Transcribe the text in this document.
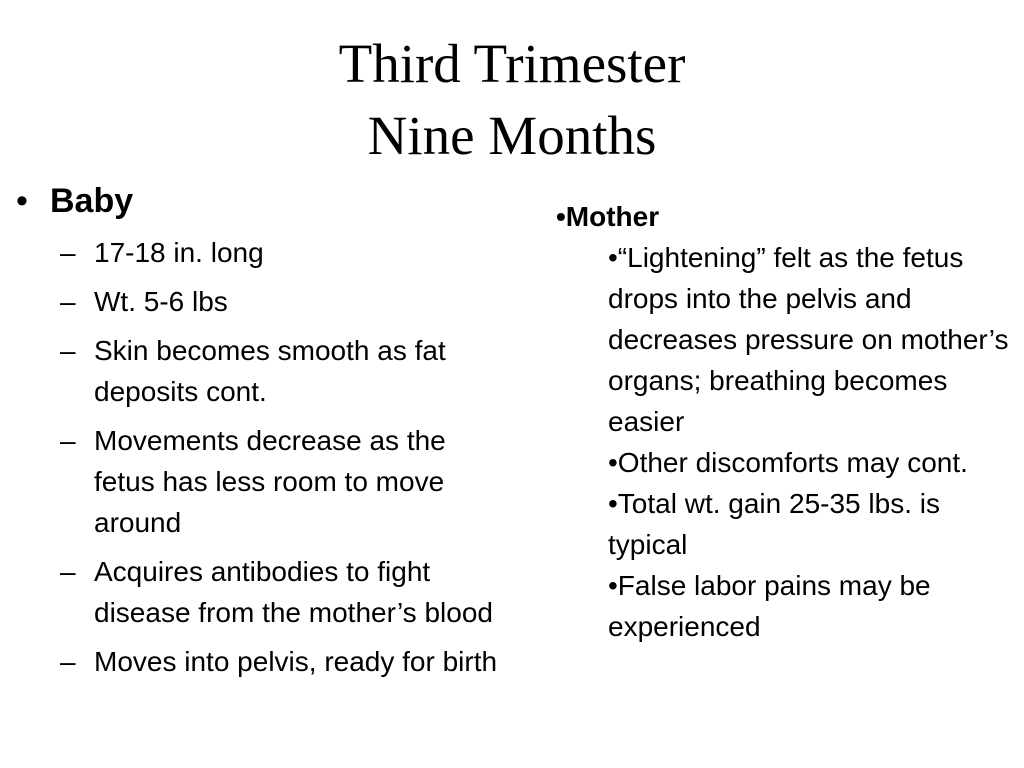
Third Trimester
Nine Months
• Baby
– 17-18 in. long
– Wt. 5-6 lbs
– Skin becomes smooth as fat deposits cont.
– Movements decrease as the fetus has less room to move around
– Acquires antibodies to fight disease from the mother’s blood
– Moves into pelvis, ready for birth
•Mother

•“Lightening” felt as the fetus drops into the pelvis and decreases pressure on mother’s organs; breathing becomes easier

•Other discomforts may cont.

•Total wt. gain 25-35 lbs. is typical

•False labor pains may be experienced
